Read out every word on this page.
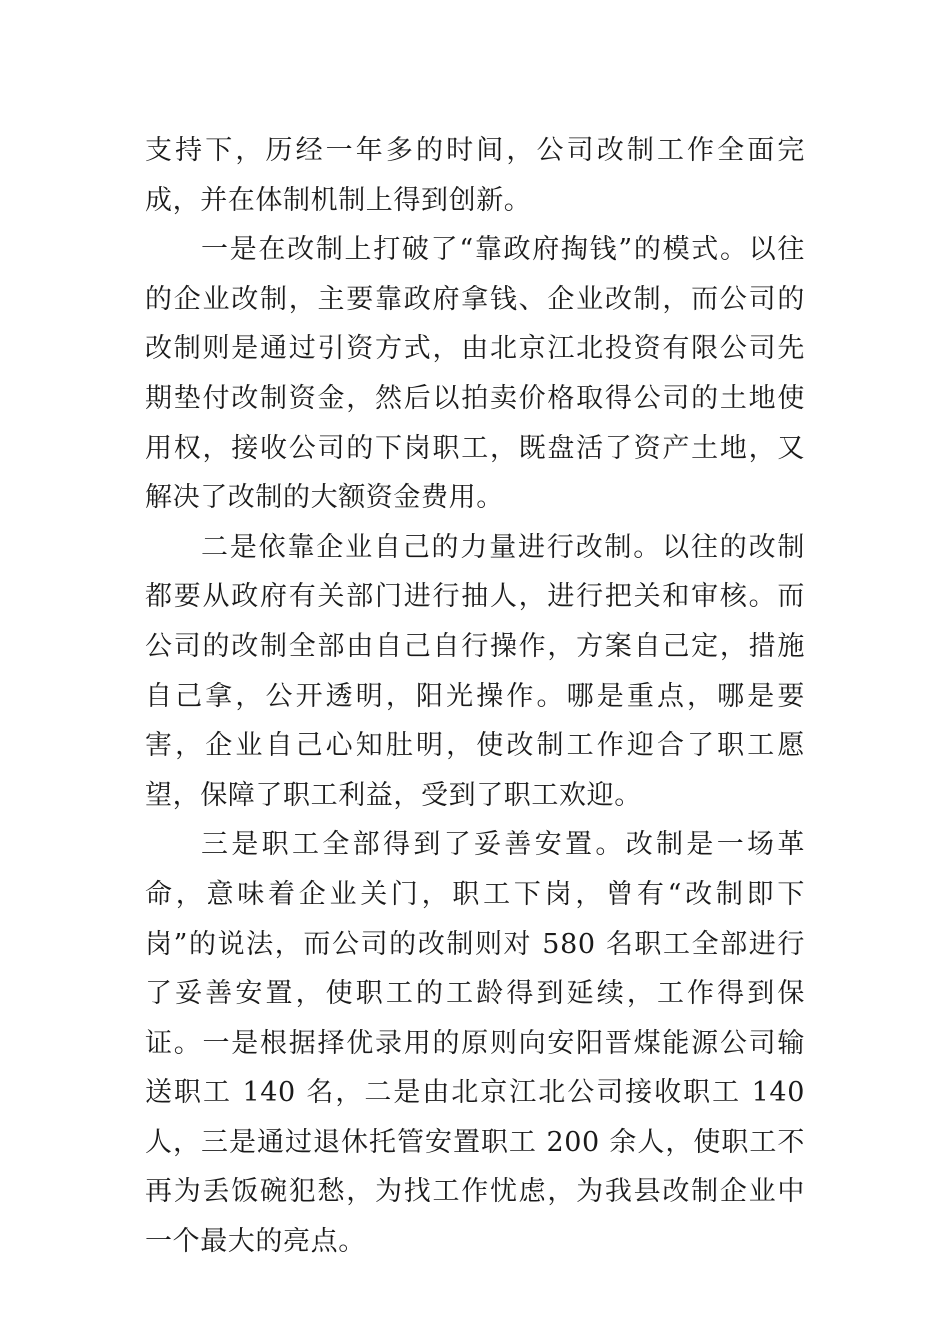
支持下，历经一年多的时间，公司改制工作全面完成，并在体制机制上得到创新。

一是在改制上打破了“靠政府掏钱”的模式。以往的企业改制，主要靠政府拿钱、企业改制，而公司的改制则是通过引资方式，由北京江北投资有限公司先期垫付改制资金，然后以拍卖价格取得公司的土地使用权，接收公司的下岗职工，既盘活了资产土地，又解决了改制的大额资金费用。

二是依靠企业自己的力量进行改制。以往的改制都要从政府有关部门进行抽人，进行把关和审核。而公司的改制全部由自己自行操作，方案自己定，措施自己拿，公开透明，阳光操作。哪是重点，哪是要害，企业自己心知肚明，使改制工作迎合了职工愿望，保障了职工利益，受到了职工欢迎。

三是职工全部得到了妥善安置。改制是一场革命，意味着企业关门，职工下岗，曾有“改制即下岗”的说法，而公司的改制则对 580 名职工全部进行了妥善安置，使职工的工龄得到延续，工作得到保证。一是根据择优录用的原则向安阳晋煤能源公司输送职工 140 名，二是由北京江北公司接收职工 140 人，三是通过退休托管安置职工 200 余人，使职工不再为丢饭碗犯愁，为找工作忧虑，为我县改制企业中一个最大的亮点。
